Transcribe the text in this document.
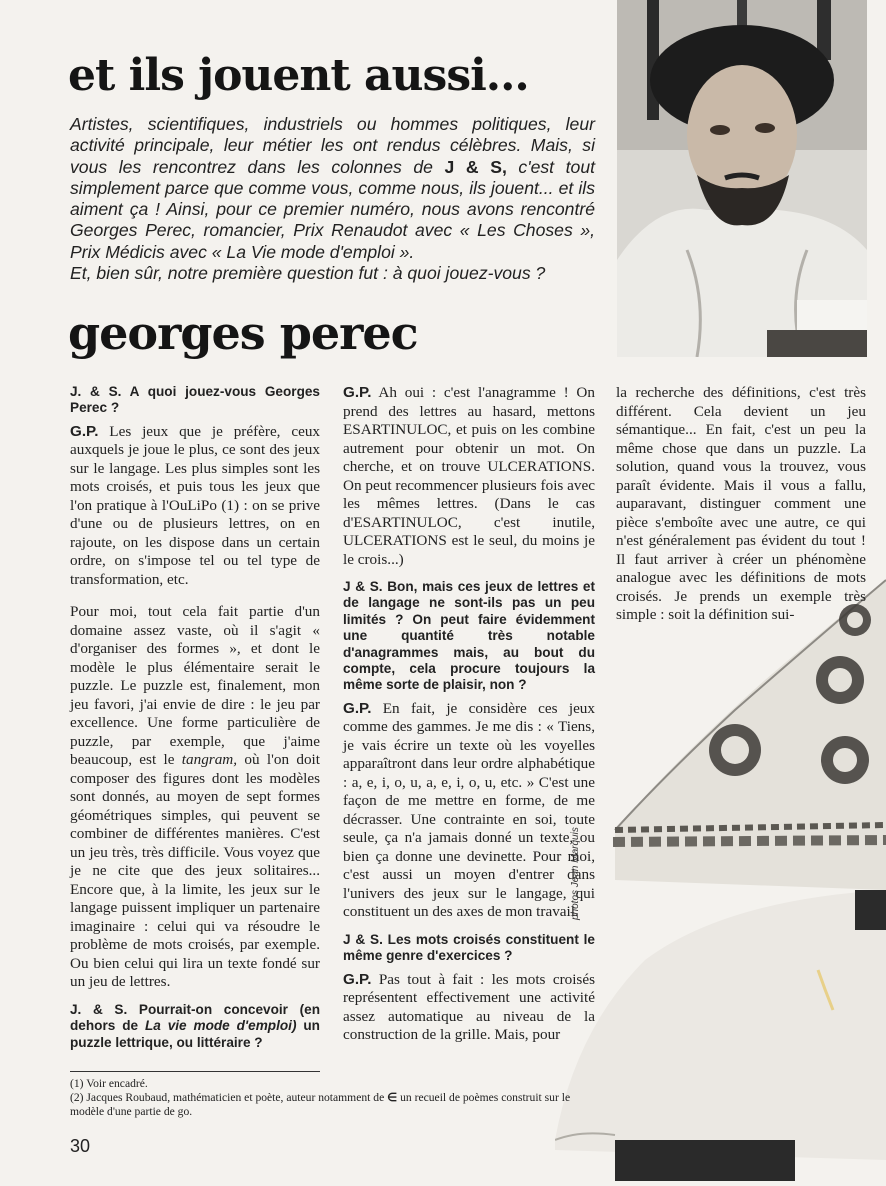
et ils jouent aussi...
Artistes, scientifiques, industriels ou hommes politiques, leur activité principale, leur métier les ont rendus célèbres. Mais, si vous les rencontrez dans les colonnes de J & S, c'est tout simplement parce que comme vous, comme nous, ils jouent... et ils aiment ça ! Ainsi, pour ce premier numéro, nous avons rencontré Georges Perec, romancier, Prix Renaudot avec « Les Choses », Prix Médicis avec « La Vie mode d'emploi ».
Et, bien sûr, notre première question fut : à quoi jouez-vous ?
georges perec

J. & S. A quoi jouez-vous Georges Perec ?

G.P. Les jeux que je préfère, ceux auxquels je joue le plus, ce sont des jeux sur le langage. Les plus simples sont les mots croisés, et puis tous les jeux que l'on pratique à l'OuLiPo (1) : on se prive d'une ou de plusieurs lettres, on en rajoute, on les dispose dans un certain ordre, on s'impose tel ou tel type de transformation, etc.

Pour moi, tout cela fait partie d'un domaine assez vaste, où il s'agit « d'organiser des formes », et dont le modèle le plus élémentaire serait le puzzle. Le puzzle est, finalement, mon jeu favori, j'ai envie de dire : le jeu par excellence. Une forme particulière de puzzle, par exemple, que j'aime beaucoup, est le tangram, où l'on doit composer des figures dont les modèles sont donnés, au moyen de sept formes géométriques simples, qui peuvent se combiner de différentes manières. C'est un jeu très, très difficile. Vous voyez que je ne cite que des jeux solitaires... Encore que, à la limite, les jeux sur le langage puissent impliquer un partenaire imaginaire : celui qui va résoudre le problème de mots croisés, par exemple. Ou bien celui qui lira un texte fondé sur un jeu de lettres.

J. & S. Pourrait-on concevoir (en dehors de La vie mode d'emploi) un puzzle lettrique, ou littéraire ?

G.P. Ah oui : c'est l'anagramme ! On prend des lettres au hasard, mettons ESARTINULOC, et puis on les combine autrement pour obtenir un mot. On cherche, et on trouve ULCERATIONS. On peut recommencer plusieurs fois avec les mêmes lettres. (Dans le cas d'ESARTINULOC, c'est inutile, ULCERATIONS est le seul, du moins je le crois...)

J & S. Bon, mais ces jeux de lettres et de langage ne sont-ils pas un peu limités ? On peut faire évidemment une quantité très notable d'anagrammes mais, au bout du compte, cela procure toujours la même sorte de plaisir, non ?

G.P. En fait, je considère ces jeux comme des gammes. Je me dis : « Tiens, je vais écrire un texte où les voyelles apparaîtront dans leur ordre alphabétique : a, e, i, o, u, a, e, i, o, u, etc. » C'est une façon de me mettre en forme, de me décrasser. Une contrainte en soi, toute seule, ça n'a jamais donné un texte, ou bien ça donne une devinette. Pour moi, c'est aussi un moyen d'entrer dans l'univers des jeux sur le langage, qui constituent un des axes de mon travail.

J & S. Les mots croisés constituent le même genre d'exercices ?

G.P. Pas tout à fait : les mots croisés représentent effectivement une activité assez automatique au niveau de la construction de la grille. Mais, pour

la recherche des définitions, c'est très différent. Cela devient un jeu sémantique... En fait, c'est un peu la même chose que dans un puzzle. La solution, quand vous la trouvez, vous paraît évidente. Mais il vous a fallu, auparavant, distinguer comment une pièce s'emboîte avec une autre, ce qui n'est généralement pas évident du tout ! Il faut arriver à créer un phénomène analogue avec les définitions de mots croisés. Je prends un exemple très simple : soit la définition sui-

photos Jean Marquis

(1) Voir encadré.

(2) Jacques Roubaud, mathématicien et poète, auteur notamment de ∈ un recueil de poèmes construit sur le modèle d'une partie de go.

30
